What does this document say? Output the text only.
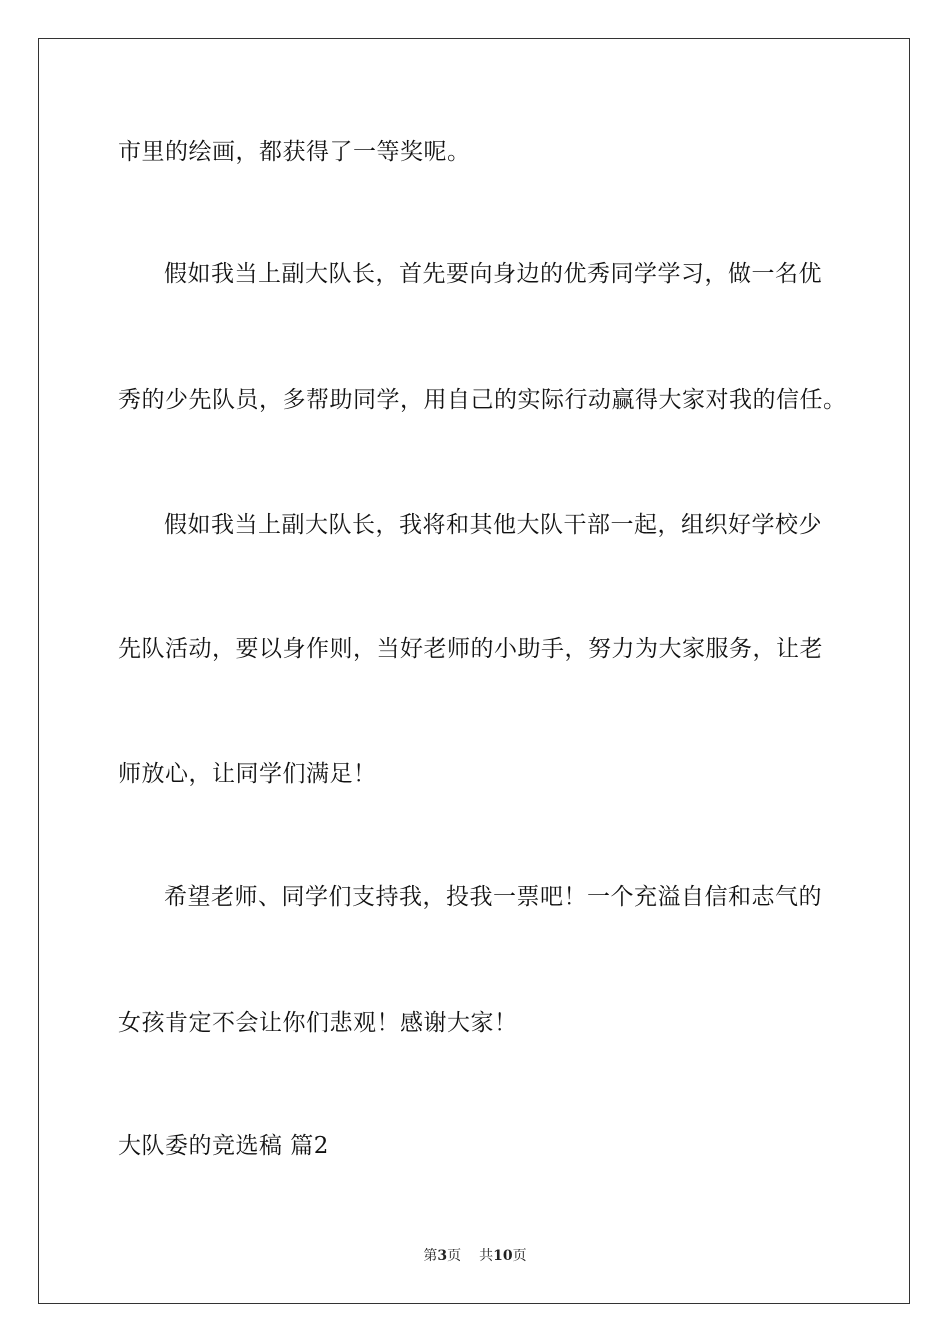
市里的绘画，都获得了一等奖呢。
假如我当上副大队长，首先要向身边的优秀同学学习，做一名优
秀的少先队员，多帮助同学，用自己的实际行动赢得大家对我的信任。
假如我当上副大队长，我将和其他大队干部一起，组织好学校少
先队活动，要以身作则，当好老师的小助手，努力为大家服务，让老
师放心，让同学们满足！
希望老师、同学们支持我，投我一票吧！一个充溢自信和志气的
女孩肯定不会让你们悲观！感谢大家！
大队委的竞选稿 篇2
第3页 共10页
